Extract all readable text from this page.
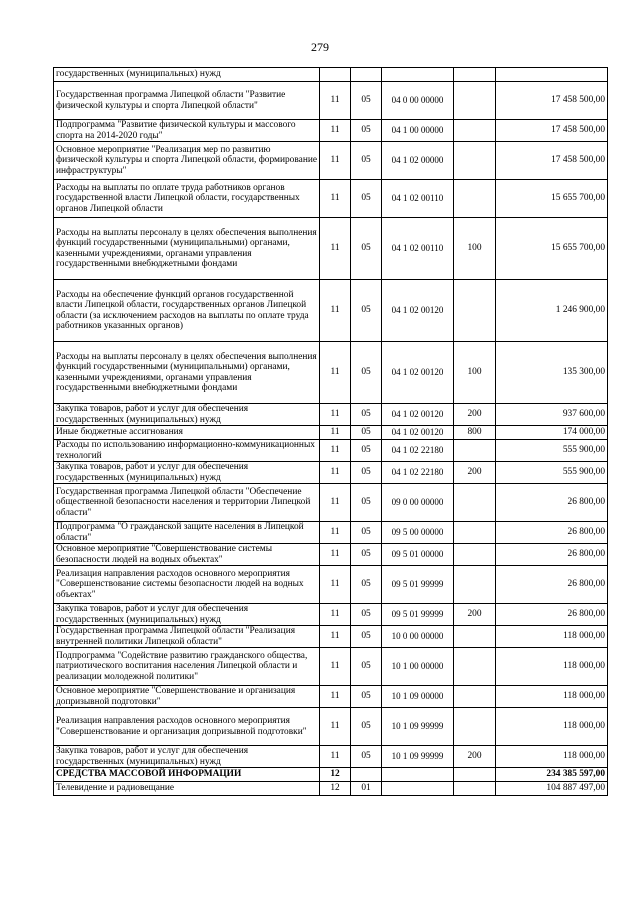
279
государственных (муниципальных) нужд					
Государственная программа Липецкой области "Развитие физической культуры и спорта Липецкой области"	11	05	04 0 00 00000		17 458 500,00
Подпрограмма "Развитие физической культуры и массового спорта на 2014-2020 годы"	11	05	04 1 00 00000		17 458 500,00
Основное мероприятие "Реализация мер по развитию физической культуры и спорта Липецкой области, формирование инфраструктуры"	11	05	04 1 02 00000		17 458 500,00
Расходы на выплаты по оплате труда работников органов государственной власти Липецкой области, государственных органов Липецкой области	11	05	04 1 02 00110		15 655 700,00
Расходы на выплаты персоналу в целях обеспечения выполнения функций государственными (муниципальными) органами, казенными учреждениями, органами управления государственными внебюджетными фондами	11	05	04 1 02 00110	100	15 655 700,00
Расходы на обеспечение функций органов государственной власти Липецкой области, государственных органов Липецкой области (за исключением расходов на выплаты по оплате труда работников указанных органов)	11	05	04 1 02 00120		1 246 900,00
Расходы на выплаты персоналу в целях обеспечения выполнения функций государственными (муниципальными) органами, казенными учреждениями, органами управления государственными внебюджетными фондами	11	05	04 1 02 00120	100	135 300,00
Закупка товаров, работ и услуг для обеспечения государственных (муниципальных) нужд	11	05	04 1 02 00120	200	937 600,00
Иные бюджетные ассигнования	11	05	04 1 02 00120	800	174 000,00
Расходы по использованию информационно-коммуникационных технологий	11	05	04 1 02 22180		555 900,00
Закупка товаров, работ и услуг для обеспечения государственных (муниципальных) нужд	11	05	04 1 02 22180	200	555 900,00
Государственная программа Липецкой области "Обеспечение общественной безопасности населения и территории Липецкой области"	11	05	09 0 00 00000		26 800,00
Подпрограмма "О гражданской защите населения в Липецкой области"	11	05	09 5 00 00000		26 800,00
Основное мероприятие "Совершенствование системы безопасности людей на водных объектах"	11	05	09 5 01 00000		26 800,00
Реализация направления расходов основного мероприятия "Совершенствование системы безопасности людей на водных объектах"	11	05	09 5 01 99999		26 800,00
Закупка товаров, работ и услуг для обеспечения государственных (муниципальных) нужд	11	05	09 5 01 99999	200	26 800,00
Государственная программа Липецкой области "Реализация внутренней политики Липецкой области"	11	05	10 0 00 00000		118 000,00
Подпрограмма "Содействие развитию гражданского общества, патриотического воспитания населения Липецкой области и реализации молодежной политики"	11	05	10 1 00 00000		118 000,00
Основное мероприятие "Совершенствование и организация допризывной подготовки"	11	05	10 1 09 00000		118 000,00
Реализация направления расходов основного мероприятия "Совершенствование и организация допризывной подготовки"	11	05	10 1 09 99999		118 000,00
Закупка товаров, работ и услуг для обеспечения государственных (муниципальных) нужд	11	05	10 1 09 99999	200	118 000,00
СРЕДСТВА МАССОВОЙ ИНФОРМАЦИИ	12				234 385 597,00
Телевидение и радиовещание	12	01			104 887 497,00
